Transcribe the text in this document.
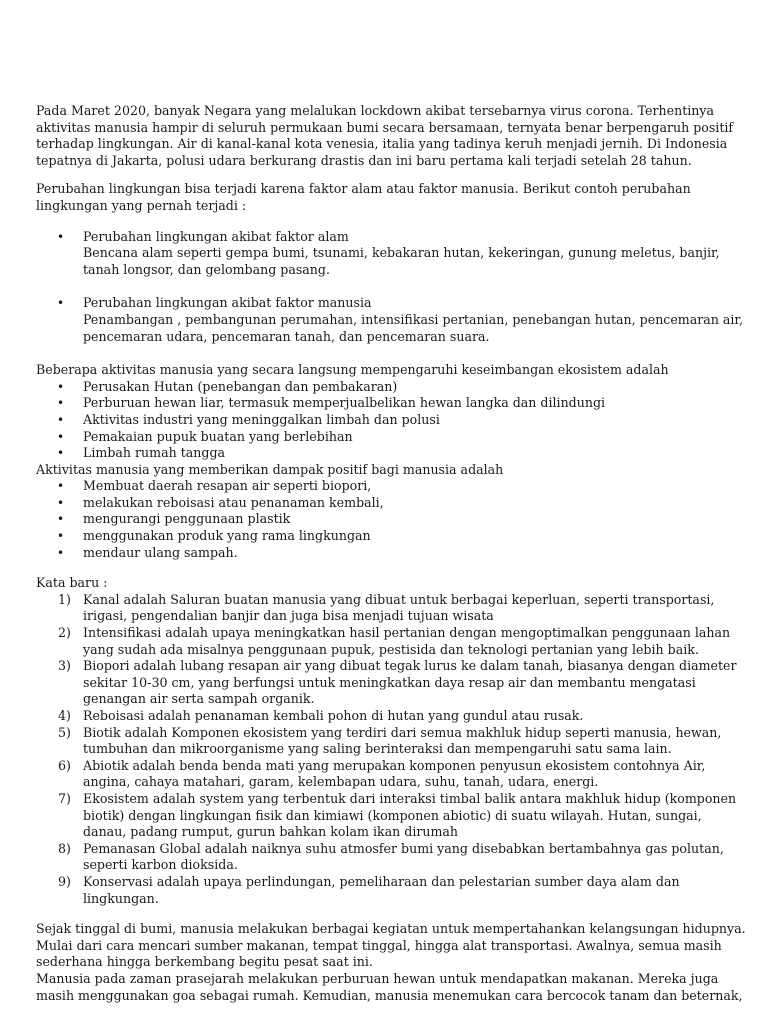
Pada Maret 2020, banyak Negara yang melalukan lockdown akibat tersebarnya virus corona. Terhentinya aktivitas manusia hampir di seluruh permukaan bumi secara bersamaan, ternyata benar berpengaruh positif terhadap lingkungan. Air di kanal-kanal kota venesia, italia yang tadinya keruh menjadi jernih. Di Indonesia tepatnya di Jakarta, polusi udara berkurang drastis dan ini baru pertama kali terjadi setelah 28 tahun.

Perubahan lingkungan bisa terjadi karena faktor alam atau faktor manusia. Berikut contoh perubahan lingkungan yang pernah terjadi :

• Perubahan lingkungan akibat faktor alam
Bencana alam seperti gempa bumi, tsunami, kebakaran hutan, kekeringan, gunung meletus, banjir, tanah longsor, dan gelombang pasang.
• Perubahan lingkungan akibat faktor manusia
Penambangan , pembangunan perumahan, intensifikasi pertanian, penebangan hutan, pencemaran air, pencemaran udara, pencemaran tanah, dan pencemaran suara.

Beberapa aktivitas manusia yang secara langsung mempengaruhi keseimbangan ekosistem adalah

• Perusakan Hutan (penebangan dan pembakaran)
• Perburuan hewan liar, termasuk memperjualbelikan hewan langka dan dilindungi
• Aktivitas industri yang meninggalkan limbah dan polusi
• Pemakaian pupuk buatan yang berlebihan
• Limbah rumah tangga

Aktivitas manusia yang memberikan dampak positif bagi manusia adalah

• Membuat daerah resapan air seperti biopori,
• melakukan reboisasi atau penanaman kembali,
• mengurangi penggunaan plastik
• menggunakan produk yang rama lingkungan
• mendaur ulang sampah.

Kata baru :

1) Kanal adalah Saluran buatan manusia yang dibuat untuk berbagai keperluan, seperti transportasi, irigasi, pengendalian banjir dan juga bisa menjadi tujuan wisata
2) Intensifikasi adalah upaya meningkatkan hasil pertanian dengan mengoptimalkan penggunaan lahan yang sudah ada misalnya penggunaan pupuk, pestisida dan teknologi pertanian yang lebih baik.
3) Biopori adalah lubang resapan air yang dibuat tegak lurus ke dalam tanah, biasanya dengan diameter sekitar 10-30 cm, yang berfungsi untuk meningkatkan daya resap air dan membantu mengatasi genangan air serta sampah organik.
4) Reboisasi adalah penanaman kembali pohon di hutan yang gundul atau rusak.
5) Biotik adalah Komponen ekosistem yang terdiri dari semua makhluk hidup seperti manusia, hewan, tumbuhan dan mikroorganisme yang saling berinteraksi dan mempengaruhi satu sama lain.
6) Abiotik adalah benda benda mati yang merupakan komponen penyusun ekosistem contohnya Air, angina, cahaya matahari, garam, kelembapan udara, suhu, tanah, udara, energi.
7) Ekosistem adalah system yang terbentuk dari interaksi timbal balik antara makhluk hidup (komponen biotik) dengan lingkungan fisik dan kimiawi (komponen abiotic) di suatu wilayah. Hutan, sungai, danau, padang rumput, gurun bahkan kolam ikan dirumah
8) Pemanasan Global adalah naiknya suhu atmosfer bumi yang disebabkan bertambahnya gas polutan, seperti karbon dioksida.
9) Konservasi adalah upaya perlindungan, pemeliharaan dan pelestarian sumber daya alam dan lingkungan.

Sejak tinggal di bumi, manusia melakukan berbagai kegiatan untuk mempertahankan kelangsungan hidupnya. Mulai dari cara mencari sumber makanan, tempat tinggal, hingga alat transportasi. Awalnya, semua masih sederhana hingga berkembang begitu pesat saat ini.

Manusia pada zaman prasejarah melakukan perburuan hewan untuk mendapatkan makanan. Mereka juga masih menggunakan goa sebagai rumah. Kemudian, manusia menemukan cara bercocok tanam dan beternak,
